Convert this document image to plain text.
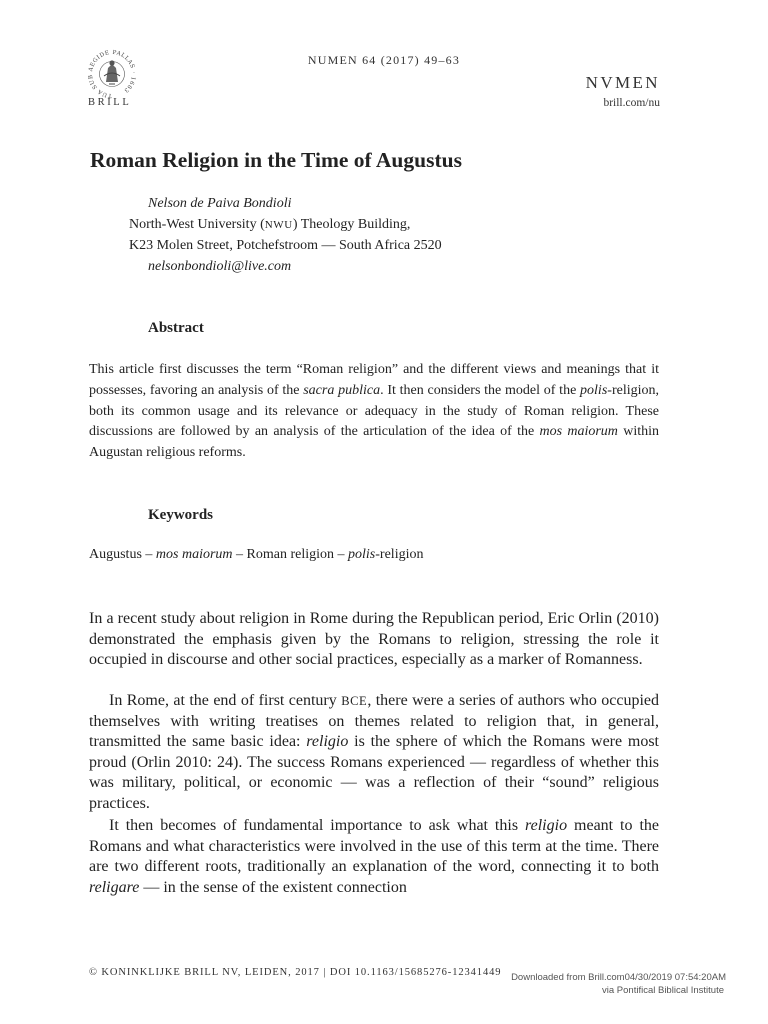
TUA SUB AEGIDE PALLAS · 1683
BRILL
NUMEN 64 (2017) 49–63
NVMEN
brill.com/nu
Roman Religion in the Time of Augustus
Nelson de Paiva Bondioli
North-West University (NWU) Theology Building,
K23 Molen Street, Potchefstroom — South Africa 2520
nelsonbondioli@live.com
Abstract

This article first discusses the term “Roman religion” and the different views and meanings that it possesses, favoring an analysis of the sacra publica. It then considers the model of the polis-religion, both its common usage and its relevance or adequacy in the study of Roman religion. These discussions are followed by an analysis of the articulation of the idea of the mos maiorum within Augustan religious reforms.

Keywords
Augustus – mos maiorum – Roman religion – polis-religion

In a recent study about religion in Rome during the Republican period, Eric Orlin (2010) demonstrated the emphasis given by the Romans to religion, stressing the role it occupied in discourse and other social practices, especially as a marker of Romanness.

In Rome, at the end of first century BCE, there were a series of authors who occupied themselves with writing treatises on themes related to religion that, in general, transmitted the same basic idea: religio is the sphere of which the Romans were most proud (Orlin 2010: 24). The success Romans experienced — regardless of whether this was military, political, or economic — was a reflection of their “sound” religious practices.

It then becomes of fundamental importance to ask what this religio meant to the Romans and what characteristics were involved in the use of this term at the time. There are two different roots, traditionally an explanation of the word, connecting it to both religare — in the sense of the existent connection

© KONINKLIJKE BRILL NV, LEIDEN, 2017 | DOI 10.1163/15685276-12341449	Downloaded from Brill.com04/30/2019 07:54:20AM
via Pontifical Biblical Institute
